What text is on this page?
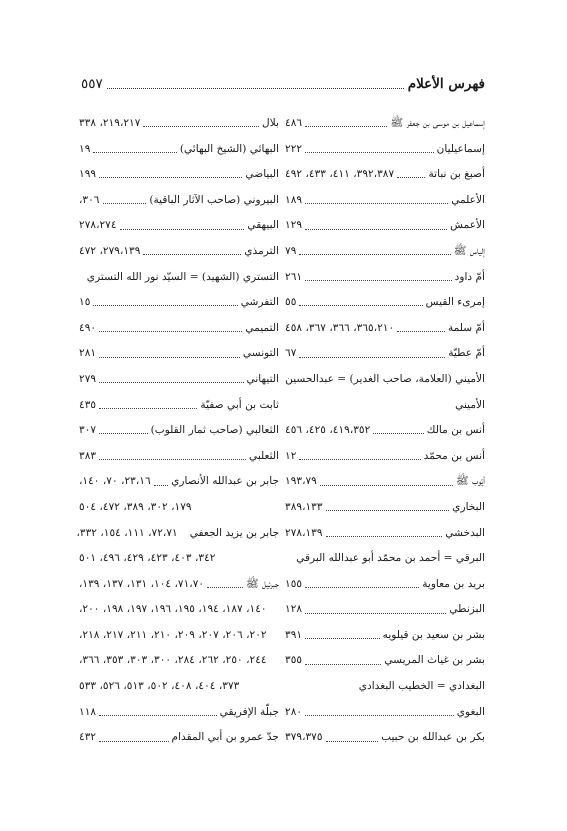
فهرس الأعلام
٥٥٧
إسماعيل بن موسى بن جعفر ﷺ
٤٨٦
إسماعيليان
٢٢٢
أصبغ بن نباتة
٣٩٢،٣٨٧، ٤١١، ٤٣٣، ٤٩٢
الأعلمي
١٨٩
الأعمش
١٢٩
إلياس ﷺ
٧٩
أمّ داود
٢٦١
إمرىء القيس
٥٥
أمّ سلمة
٣٦٥،٢١٠، ٣٦٦، ٣٦٧، ٤٥٨
أمّ عطيّة
٦٧
الأميني (العلامة، صاحب الغدير) = عبدالحسين
الأميني
أنس بن مالك
٤١٩،٣٥٢، ٤٢٥، ٤٥٦
أنس بن محمّد
١٢
أيّوب ﷺ
١٩٣،٧٩
البخاري
٣٨٩،١٣٣
البدخشي
٢٧٨،١٣٩
البرقي = أحمد بن محمّد أبو عبدالله البرقي
بريد بن معاوية
١٥٥
البزنطي
١٢٨
بشر بن سعيد بن قيلويه
٣٩١
بشر بن غياث المريسي
٣٥٥
البغدادي = الخطيب البغدادي
البغوي
٢٨٠
بكر بن عبدالله بن حبيب
٣٧٩،٣٧٥
بلال
٢١٩،٢١٧، ٣٣٨
البهائي (الشيخ البهائي)
١٩
البياضي
١٩٩
البيروني (صاحب الآثار الباقية)
٣٠٦،
البيهقي
٢٧٨،٢٧٤
الترمذي
٢٧٩،١٣٩، ٤٧٢
التستري (الشهيد) = السيّد نور الله التستري
التفرشي
١٥
التميمي
٤٩٠
التونسي
٢٨١
التيهاني
٢٧٩
ثابت بن أبي صفيّة
٤٣٥
الثعالبي (صاحب ثمار القلوب)
٣٠٧
الثعلبي
٣٨٣
جابر بن عبدالله الأنصاري
٢٣،١٦، ٧٠، ١٤٠،
١٧٩، ٣٠٢، ٣٨٩، ٤٧٢، ٥٠٤
جابر بن يزيد الجعفي
٧٢،٧١، ١١١، ١٥٤، ٣٣٢،
٣٤٢، ٤٠٣، ٤٢٣، ٤٢٩، ٤٩٦، ٥٠١
جبرئيل ﷺ
٧١،٧٠، ١٠٤، ١٣١، ١٣٧، ١٣٩،
١٤٠، ١٨٧، ١٩٤، ١٩٥، ١٩٦، ١٩٧، ١٩٨، ٢٠٠،
٢٠٢، ٢٠٦، ٢٠٧، ٢٠٩، ٢١٠، ٢١١، ٢١٧، ٢١٨،
٢٤٤، ٢٥٠، ٢٦٢، ٢٨٤، ٣٠٠، ٣٠٣، ٣٥٣، ٣٦٦،
٣٧٣، ٤٠٤، ٤٠٨، ٥٠٢، ٥١٣، ٥٢٦، ٥٣٣
جبلّة الإفريقي
١١٨
جدّ عمرو بن أبي المقدام
٤٣٢
